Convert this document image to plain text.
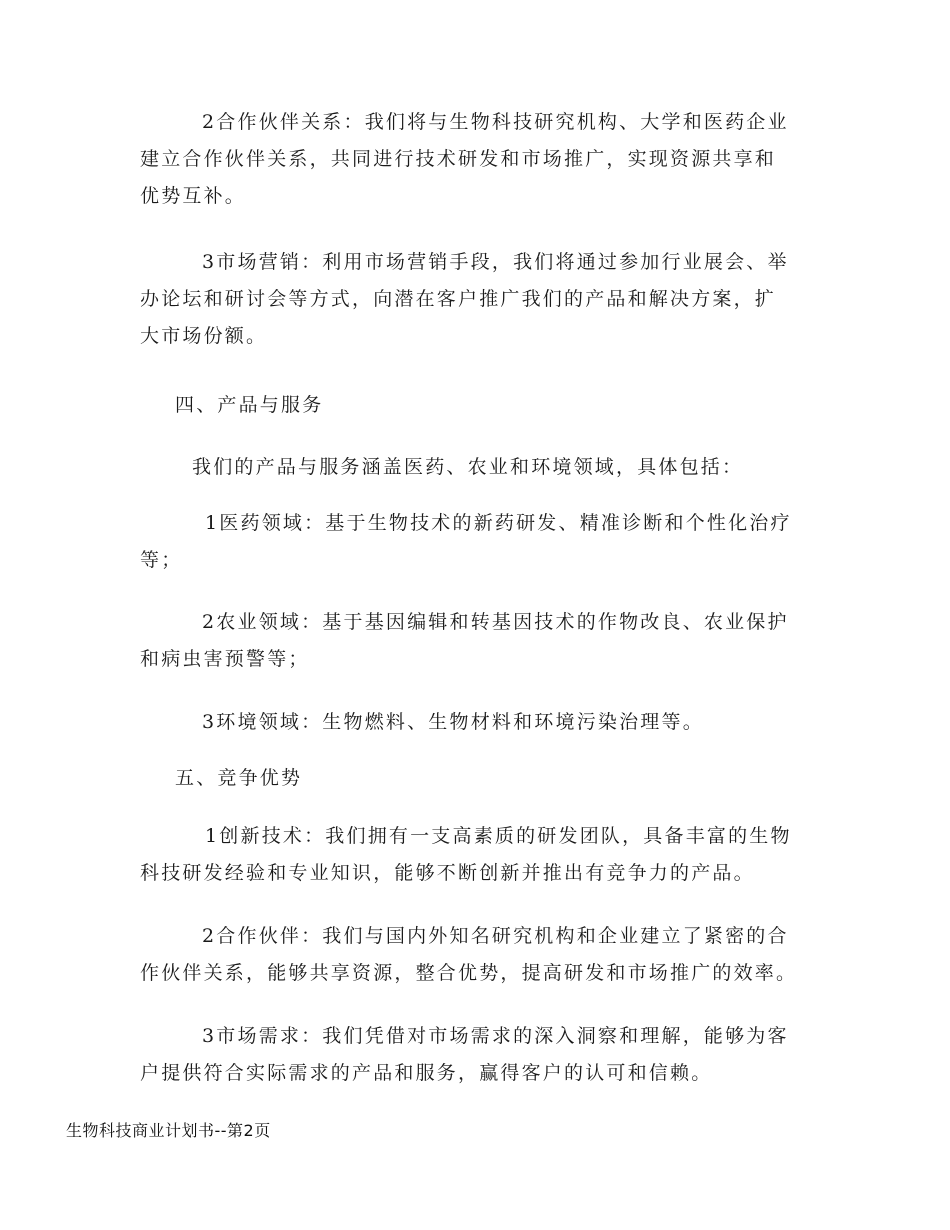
2合作伙伴关系：我们将与生物科技研究机构、大学和医药企业
建立合作伙伴关系，共同进行技术研发和市场推广，实现资源共享和
优势互补。

3市场营销：利用市场营销手段，我们将通过参加行业展会、举
办论坛和研讨会等方式，向潜在客户推广我们的产品和解决方案，扩
大市场份额。

四、产品与服务

我们的产品与服务涵盖医药、农业和环境领域，具体包括：

1医药领域：基于生物技术的新药研发、精准诊断和个性化治疗
等；

2农业领域：基于基因编辑和转基因技术的作物改良、农业保护
和病虫害预警等；

3环境领域：生物燃料、生物材料和环境污染治理等。

五、竞争优势

1创新技术：我们拥有一支高素质的研发团队，具备丰富的生物
科技研发经验和专业知识，能够不断创新并推出有竞争力的产品。

2合作伙伴：我们与国内外知名研究机构和企业建立了紧密的合
作伙伴关系，能够共享资源，整合优势，提高研发和市场推广的效率。

3市场需求：我们凭借对市场需求的深入洞察和理解，能够为客
户提供符合实际需求的产品和服务，赢得客户的认可和信赖。

生物科技商业计划书--第2页
